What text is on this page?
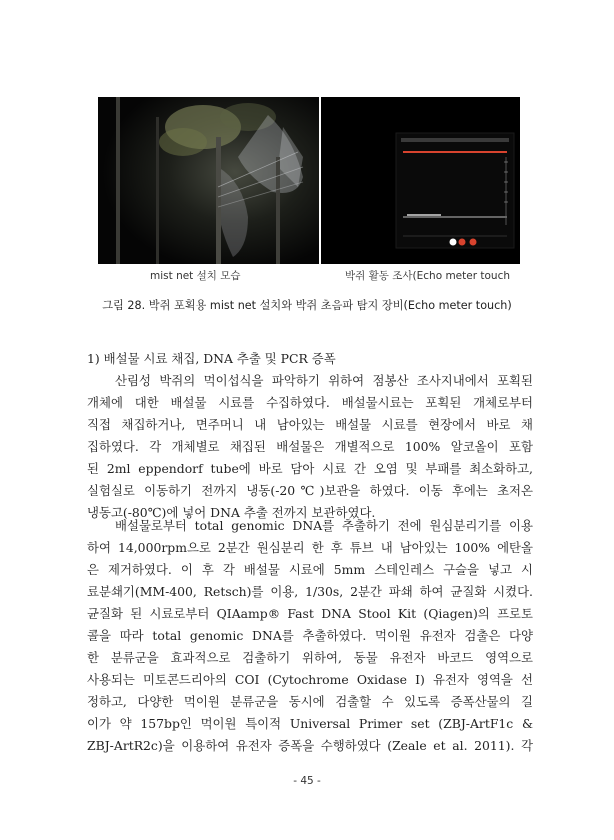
mist net 설치 모습	박쥐 활동 조사(Echo meter touch
그림 28. 박쥐 포획용 mist net 설치와 박쥐 초음파 탐지 장비(Echo meter touch)
1) 배설물 시료 채집, DNA 추출 및 PCR 증폭
산림성 박쥐의 먹이섭식을 파악하기 위하여 점봉산 조사지내에서 포획된
개체에 대한 배설물 시료를 수집하였다. 배설물시료는 포획된 개체로부터
직접 채집하거나, 면주머니 내 남아있는 배설물 시료를 현장에서 바로 채
집하였다. 각 개체별로 채집된 배설물은 개별적으로 100% 알코올이 포함
된 2ml eppendorf tube에 바로 담아 시료 간 오염 및 부패를 최소화하고,
실험실로 이동하기 전까지 냉동(-20℃)보관을 하였다. 이동 후에는 초저온
냉동고(-80℃)에 넣어 DNA 추출 전까지 보관하였다.
배설물로부터 total genomic DNA를 추출하기 전에 원심분리기를 이용
하여 14,000rpm으로 2분간 원심분리 한 후 튜브 내 남아있는 100% 에탄올
은 제거하였다. 이 후 각 배설물 시료에 5mm 스테인레스 구슬을 넣고 시
료분쇄기(MM-400, Retsch)를 이용, 1/30s, 2분간 파쇄 하여 균질화 시켰다.
균질화 된 시료로부터 QIAamp® Fast DNA Stool Kit (Qiagen)의 프로토
콜을 따라 total genomic DNA를 추출하였다. 먹이원 유전자 검출은 다양
한 분류군을 효과적으로 검출하기 위하여, 동물 유전자 바코드 영역으로
사용되는 미토콘드리아의 COI (Cytochrome Oxidase I) 유전자 영역을 선
정하고, 다양한 먹이원 분류군을 동시에 검출할 수 있도록 증폭산물의 길
이가 약 157bp인 먹이원 특이적 Universal Primer set (ZBJ-ArtF1c &
ZBJ-ArtR2c)을 이용하여 유전자 증폭을 수행하였다 (Zeale et al. 2011). 각
- 45 -
